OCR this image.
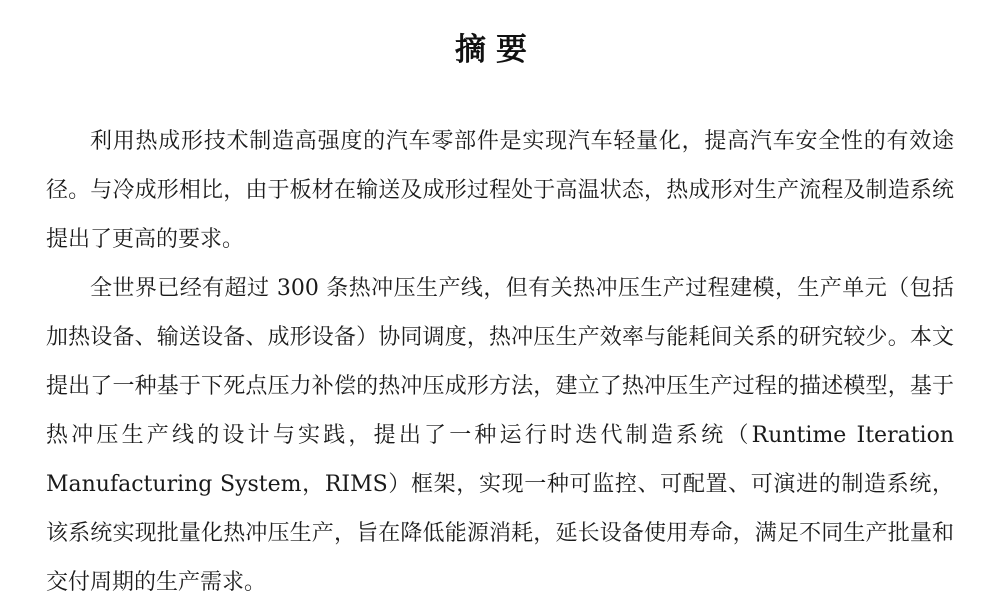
摘要

利用热成形技术制造高强度的汽车零部件是实现汽车轻量化，提高汽车安全性的有效途径。与冷成形相比，由于板材在输送及成形过程处于高温状态，热成形对生产流程及制造系统提出了更高的要求。

全世界已经有超过 300 条热冲压生产线，但有关热冲压生产过程建模，生产单元（包括加热设备、输送设备、成形设备）协同调度，热冲压生产效率与能耗间关系的研究较少。本文提出了一种基于下死点压力补偿的热冲压成形方法，建立了热冲压生产过程的描述模型，基于热冲压生产线的设计与实践，提出了一种运行时迭代制造系统（Runtime Iteration Manufacturing System，RIMS）框架，实现一种可监控、可配置、可演进的制造系统，该系统实现批量化热冲压生产，旨在降低能源消耗，延长设备使用寿命，满足不同生产批量和交付周期的生产需求。
